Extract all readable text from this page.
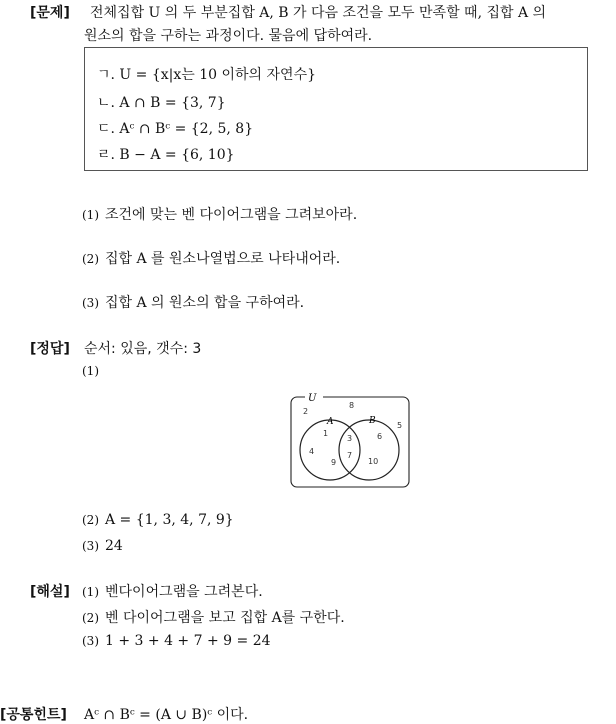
[문제] 전체집합 U 의 두 부분집합 A, B 가 다음 조건을 모두 만족할 때, 집합 A 의
원소의 합을 구하는 과정이다. 물음에 답하여라.
ㄱ. U = {x|x는 10 이하의 자연수}
ㄴ. A ∩ B = {3, 7}
ㄷ. Aᶜ ∩ Bᶜ = {2, 5, 8}
ㄹ. B − A = {6, 10}
(1) 조건에 맞는 벤 다이어그램을 그려보아라.
(2) 집합 A 를 원소나열법으로 나타내어라.
(3) 집합 A 의 원소의 합을 구하여라.
[정답] 순서: 있음, 갯수: 3
(1)
U
A	B
1
2
3
4
5
6
7
8
9	10
(2) A = {1, 3, 4, 7, 9}
(3) 24
[해설] (1) 벤다이어그램을 그려본다.
(2) 벤 다이어그램을 보고 집합 A를 구한다.
(3) 1 + 3 + 4 + 7 + 9 = 24
[공통힌트] Aᶜ ∩ Bᶜ = (A ∪ B)ᶜ 이다.
